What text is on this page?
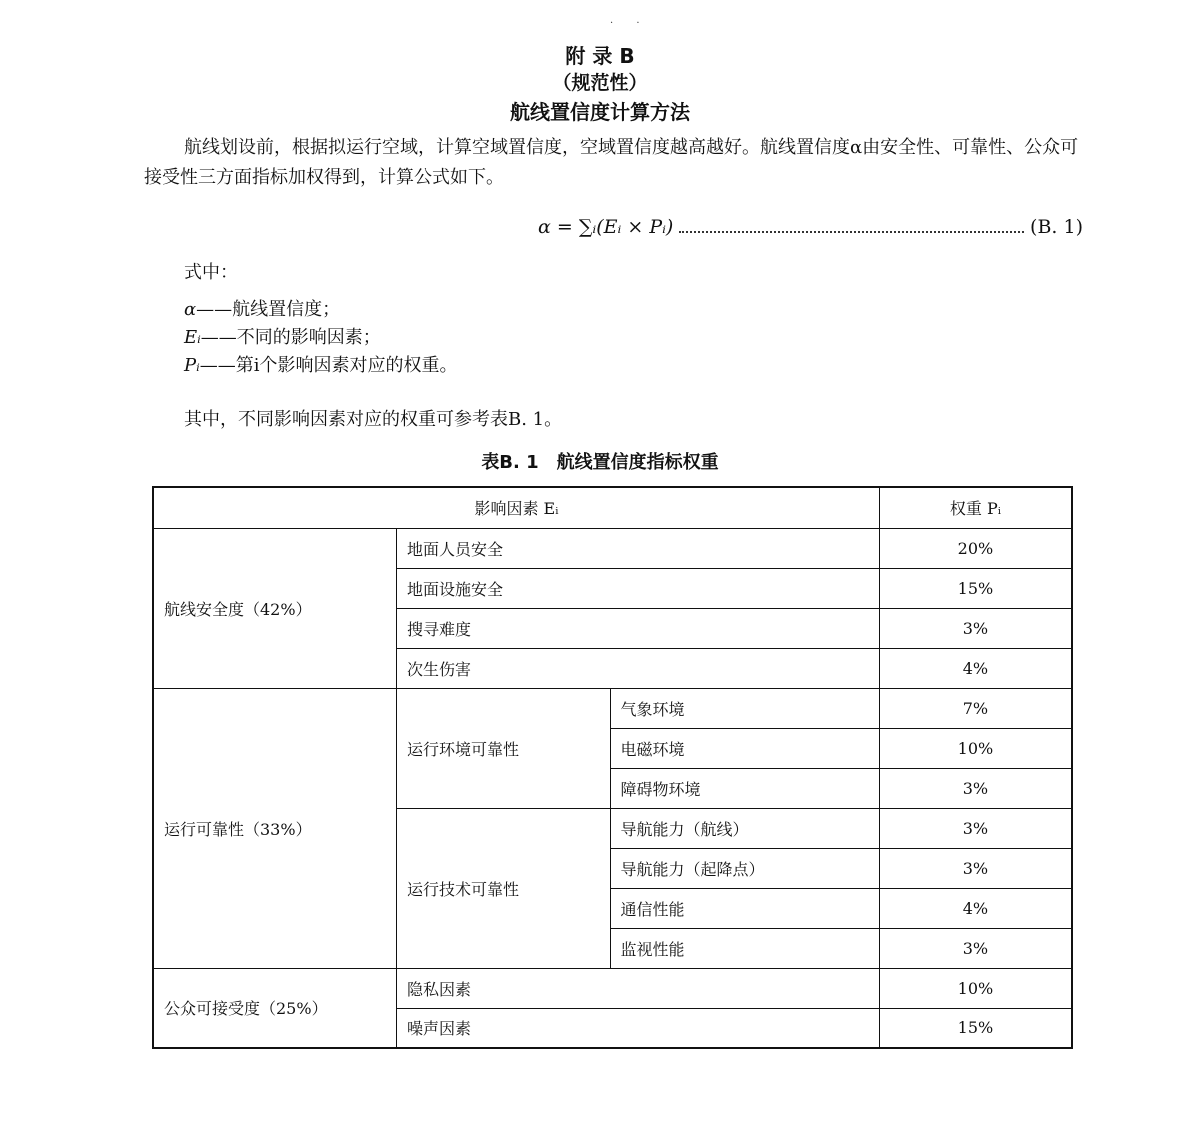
· ·
附 录 B
（规范性）
航线置信度计算方法
航线划设前，根据拟运行空域，计算空域置信度，空域置信度越高越好。航线置信度α由安全性、可靠性、公众可接受性三方面指标加权得到，计算公式如下。
α = ∑ᵢ(Eᵢ × Pᵢ)	(B. 1)
式中：
α——航线置信度；
Eᵢ——不同的影响因素；
Pᵢ——第i个影响因素对应的权重。
其中，不同影响因素对应的权重可参考表B. 1。
表B. 1　航线置信度指标权重
影响因素 Eᵢ			权重 Pᵢ
航线安全度（42%）	地面人员安全		20%
	地面设施安全		15%
	搜寻难度		3%
	次生伤害		4%
运行可靠性（33%）	运行环境可靠性	气象环境	7%
		电磁环境	10%
		障碍物环境	3%
	运行技术可靠性	导航能力（航线）	3%
		导航能力（起降点）	3%
		通信性能	4%
		监视性能	3%
公众可接受度（25%）	隐私因素		10%
	噪声因素		15%
